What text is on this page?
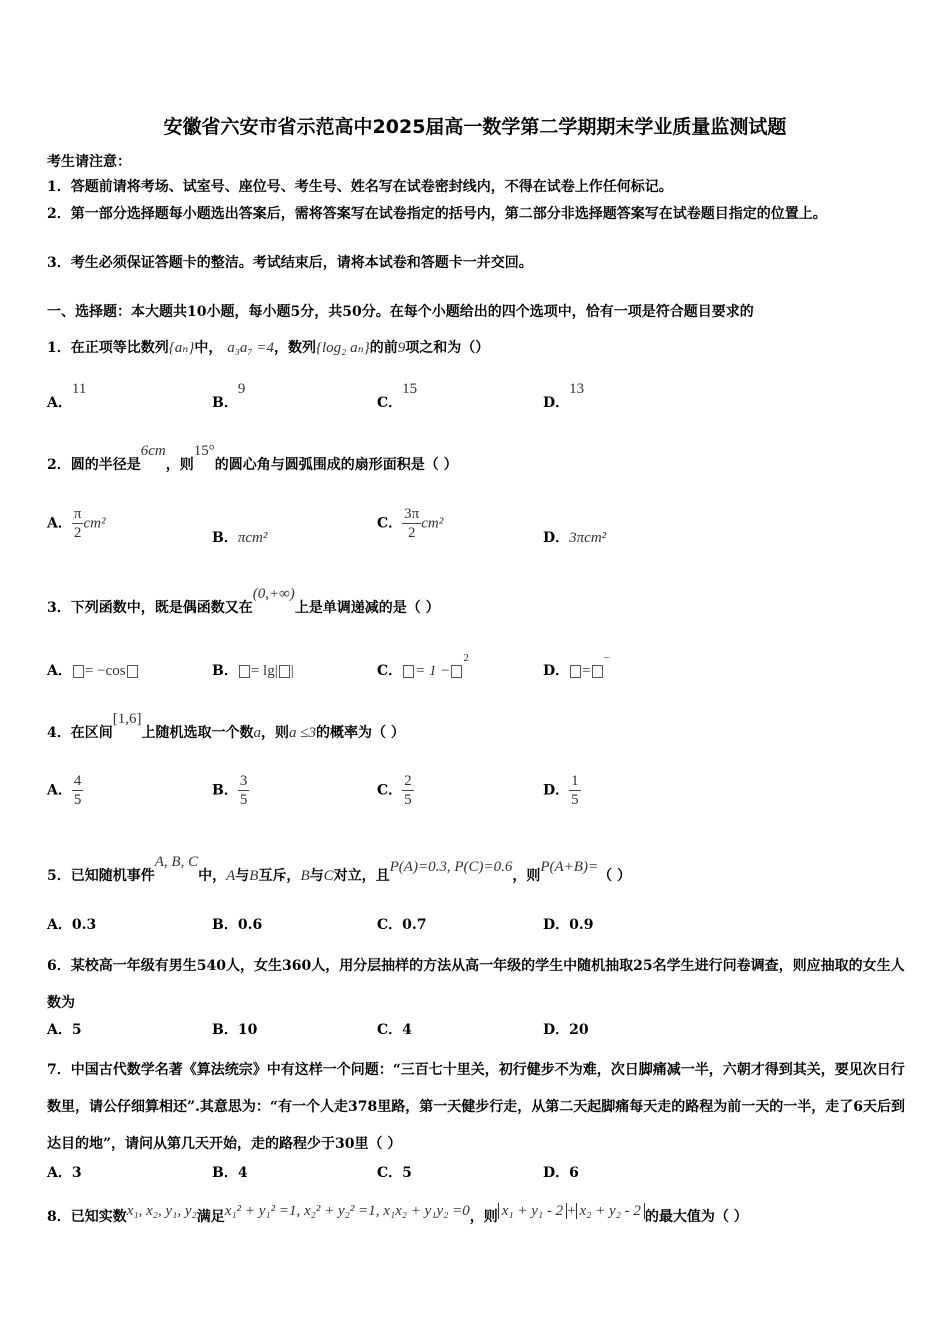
安徽省六安市省示范高中2025届高一数学第二学期期末学业质量监测试题
考生请注意：
1．答题前请将考场、试室号、座位号、考生号、姓名写在试卷密封线内，不得在试卷上作任何标记。
2．第一部分选择题每小题选出答案后，需将答案写在试卷指定的括号内，第二部分非选择题答案写在试卷题目指定的位置上。
3．考生必须保证答题卡的整洁。考试结束后，请将本试卷和答题卡一并交回。
一、选择题：本大题共10小题，每小题5分，共50分。在每个小题给出的四个选项中，恰有一项是符合题目要求的
1．在正项等比数列{aₙ}中， a₃a₇ =4，数列{log₂ aₙ}的前9项之和为（）
A．11
B．9
C．15
D．13
2．圆的半径是6cm，则15°的圆心角与圆弧围成的扇形面积是（ ）
A． $\frac{\pi}{2} cm^2$
B．πcm²
C． $\frac{3\pi}{2} cm^2$
D．3πcm²
3．下列函数中，既是偶函数又在(0,+∞)上是单调递减的是（ ）
A． = −cos	B． = lg| |	C． = 1 −$^2$
D． =−
4．在区间[1,6]上随机选取一个数a，则a ≤3的概率为（ ）
A． $\frac{4}{5}$	B． $\frac{3}{5}$	C． $\frac{2}{5}$	D． $\frac{1}{5}$
5．已知随机事件A, B, C中，A与B互斥，B与C对立，且P(A)=0.3, P(C)=0.6，则P(A+B)=（ ）
A．0.3	B．0.6	C．0.7	D．0.9
6．某校高一年级有男生540人，女生360人，用分层抽样的方法从高一年级的学生中随机抽取25名学生进行问卷调查，则应抽取的女生人数为
A．5	B．10	C．4	D．20
7．中国古代数学名著《算法统宗》中有这样一个问题：“三百七十里关，初行健步不为难，次日脚痛减一半，六朝才得到其关，要见次日行数里，请公仔细算相还”.其意思为：“有一个人走378里路，第一天健步行走，从第二天起脚痛每天走的路程为前一天的一半，走了6天后到达目的地”，请问从第几天开始，走的路程少于30里（ ）
A．3	B．4	C．5	D．6
8．已知实数x₁, x₂, y₁, y₂满足x₁² + y₁² =1, x₂² + y₂² =1, x₁x₂ + y₁y₂ =0，则 x₁ + y₁ - 2 + x₂ + y₂ - 2 的最大值为（ ）
